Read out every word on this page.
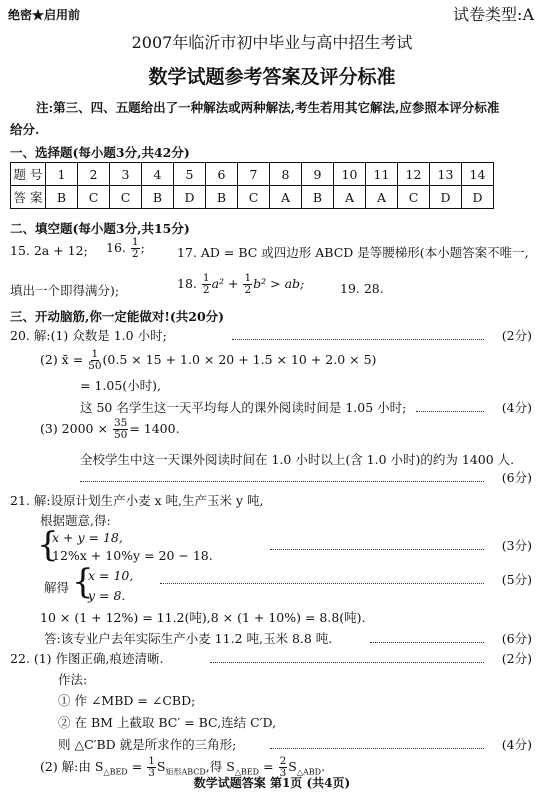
绝密★启用前	试卷类型:A
2007年临沂市初中毕业与高中招生考试
数学试题参考答案及评分标准
注:第三、四、五题给出了一种解法或两种解法,考生若用其它解法,应参照本评分标准
给分.
一、选择题(每小题3分,共42分)
题 号	1	2	3	4	5	6	7	8	9	10	11	12	13	14
答 案	B	C	C	B	D	B	C	A	B	A	A	C	D	D
二、填空题(每小题3分,共15分)
15. 2a + 12; 16. $\frac{1}{2}$ ;	17. AD = BC 或四边形 ABCD 是等腰梯形(本小题答案不唯一,
填出一个即得满分);	18. $\frac{1}{2} a^2 + \frac{1}{2} b^2$ > ab;	19. 28.
三、开动脑筋,你一定能做对!(共20分)
20. 解:(1) 众数是 1.0 小时;	(2分)
(2) x̄ = $\frac{1}{50} (0.5 \times 15 + 1.0 \times 20 + 1.5 \times 10 + 2.0 \times 5)$
= 1.05(小时),
这 50 名学生这一天平均每人的课外阅读时间是 1.05 小时;	(4分)
(3) $2000 \times \frac{35}{50} = 1400$.
全校学生中这一天课外阅读时间在 1.0 小时以上(含 1.0 小时)的约为 1400 人.
(6分)
21. 解:设原计划生产小麦 x 吨,生产玉米 y 吨,
根据题意,得:
{
x + y = 18,
12%x + 10%y = 20 − 18.
(3分)
解得 {
x = 10,
y = 8.
(5分)
10 × (1 + 12%) = 11.2(吨),8 × (1 + 10%) = 8.8(吨).
答:该专业户去年实际生产小麦 11.2 吨,玉米 8.8 吨.	(6分)
22. (1) 作图正确,痕迹清晰.	(2分)
作法:
① 作 ∠MBD = ∠CBD;
② 在 BM 上截取 BC′ = BC,连结 C′D,
则 △C′BD 就是所求作的三角形;	(4分)
(2) 解:由 $S_{\triangle BED} = \frac{1}{3} S_{矩形ABCD}$,得 $S_{\triangle BED} = \frac{2}{3} S_{\triangle ABD}$.
数学试题答案 第1页 (共4页)
